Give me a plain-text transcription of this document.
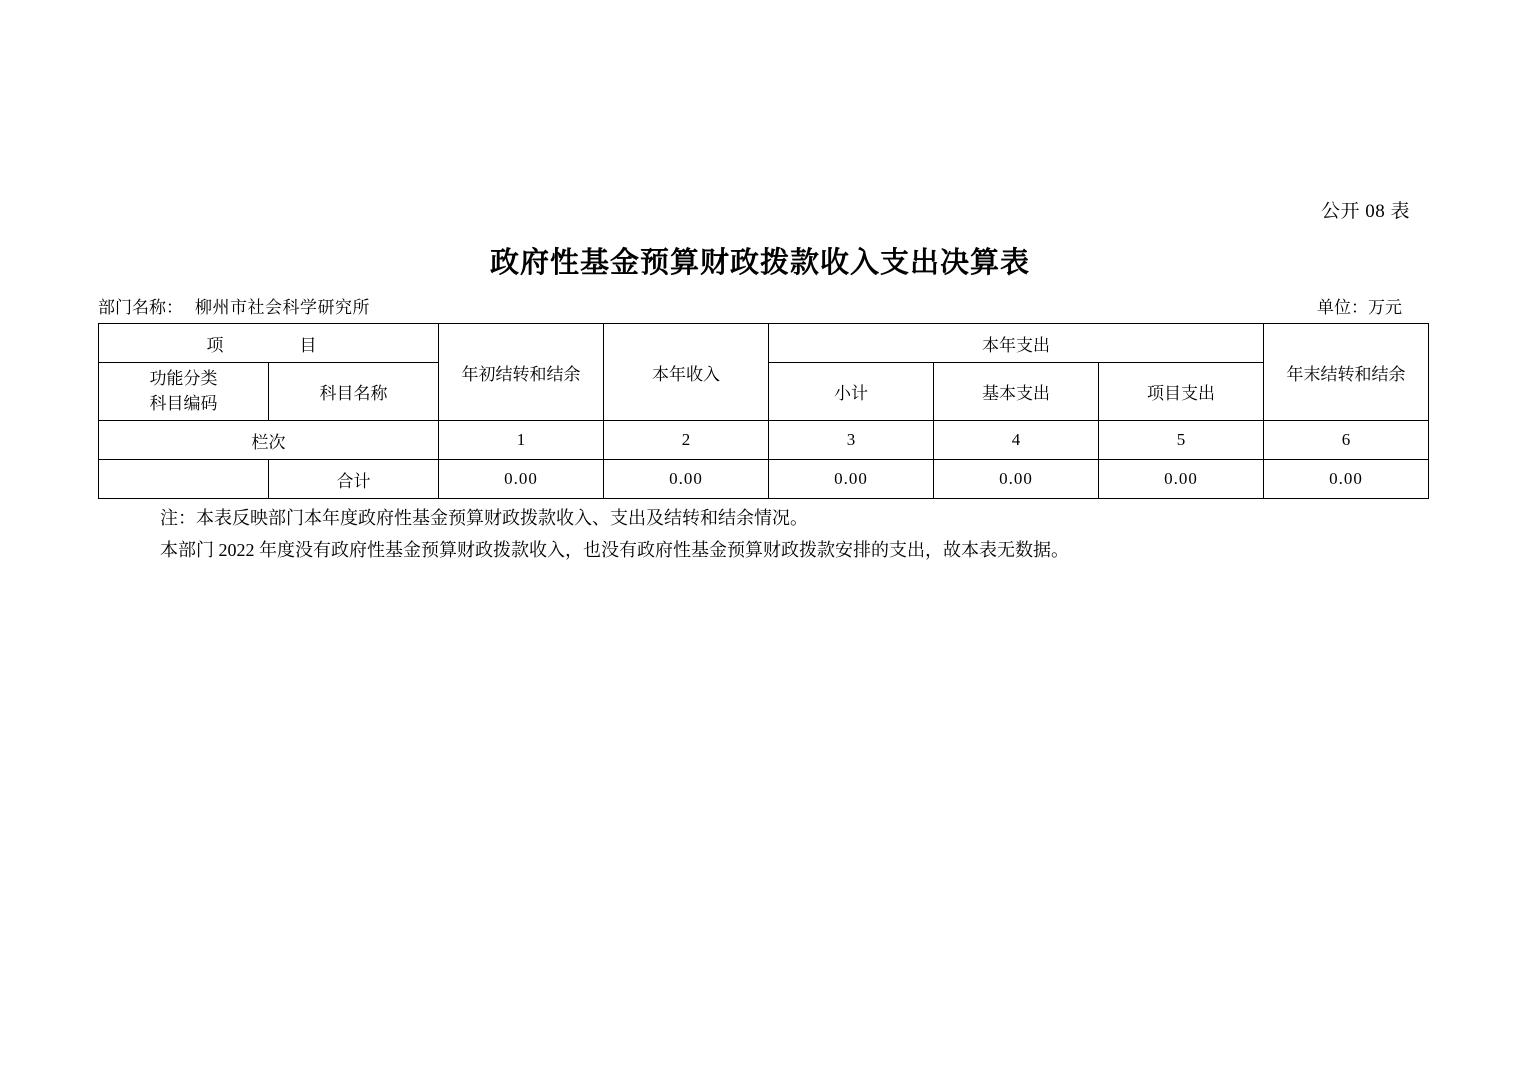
公开 08 表
政府性基金预算财政拨款收入支出决算表
部门名称： 柳州市社会科学研究所	单位：万元
项　　目		年初结转和结余	本年收入	本年支出			年末结转和结余

功能分类
科目编码	科目名称			小计	基本支出	项目支出	
栏次		1	2	3	4	5	6
	合计	0.00	0.00	0.00	0.00	0.00	0.00
注：本表反映部门本年度政府性基金预算财政拨款收入、支出及结转和结余情况。
本部门 2022 年度没有政府性基金预算财政拨款收入，也没有政府性基金预算财政拨款安排的支出，故本表无数据。
